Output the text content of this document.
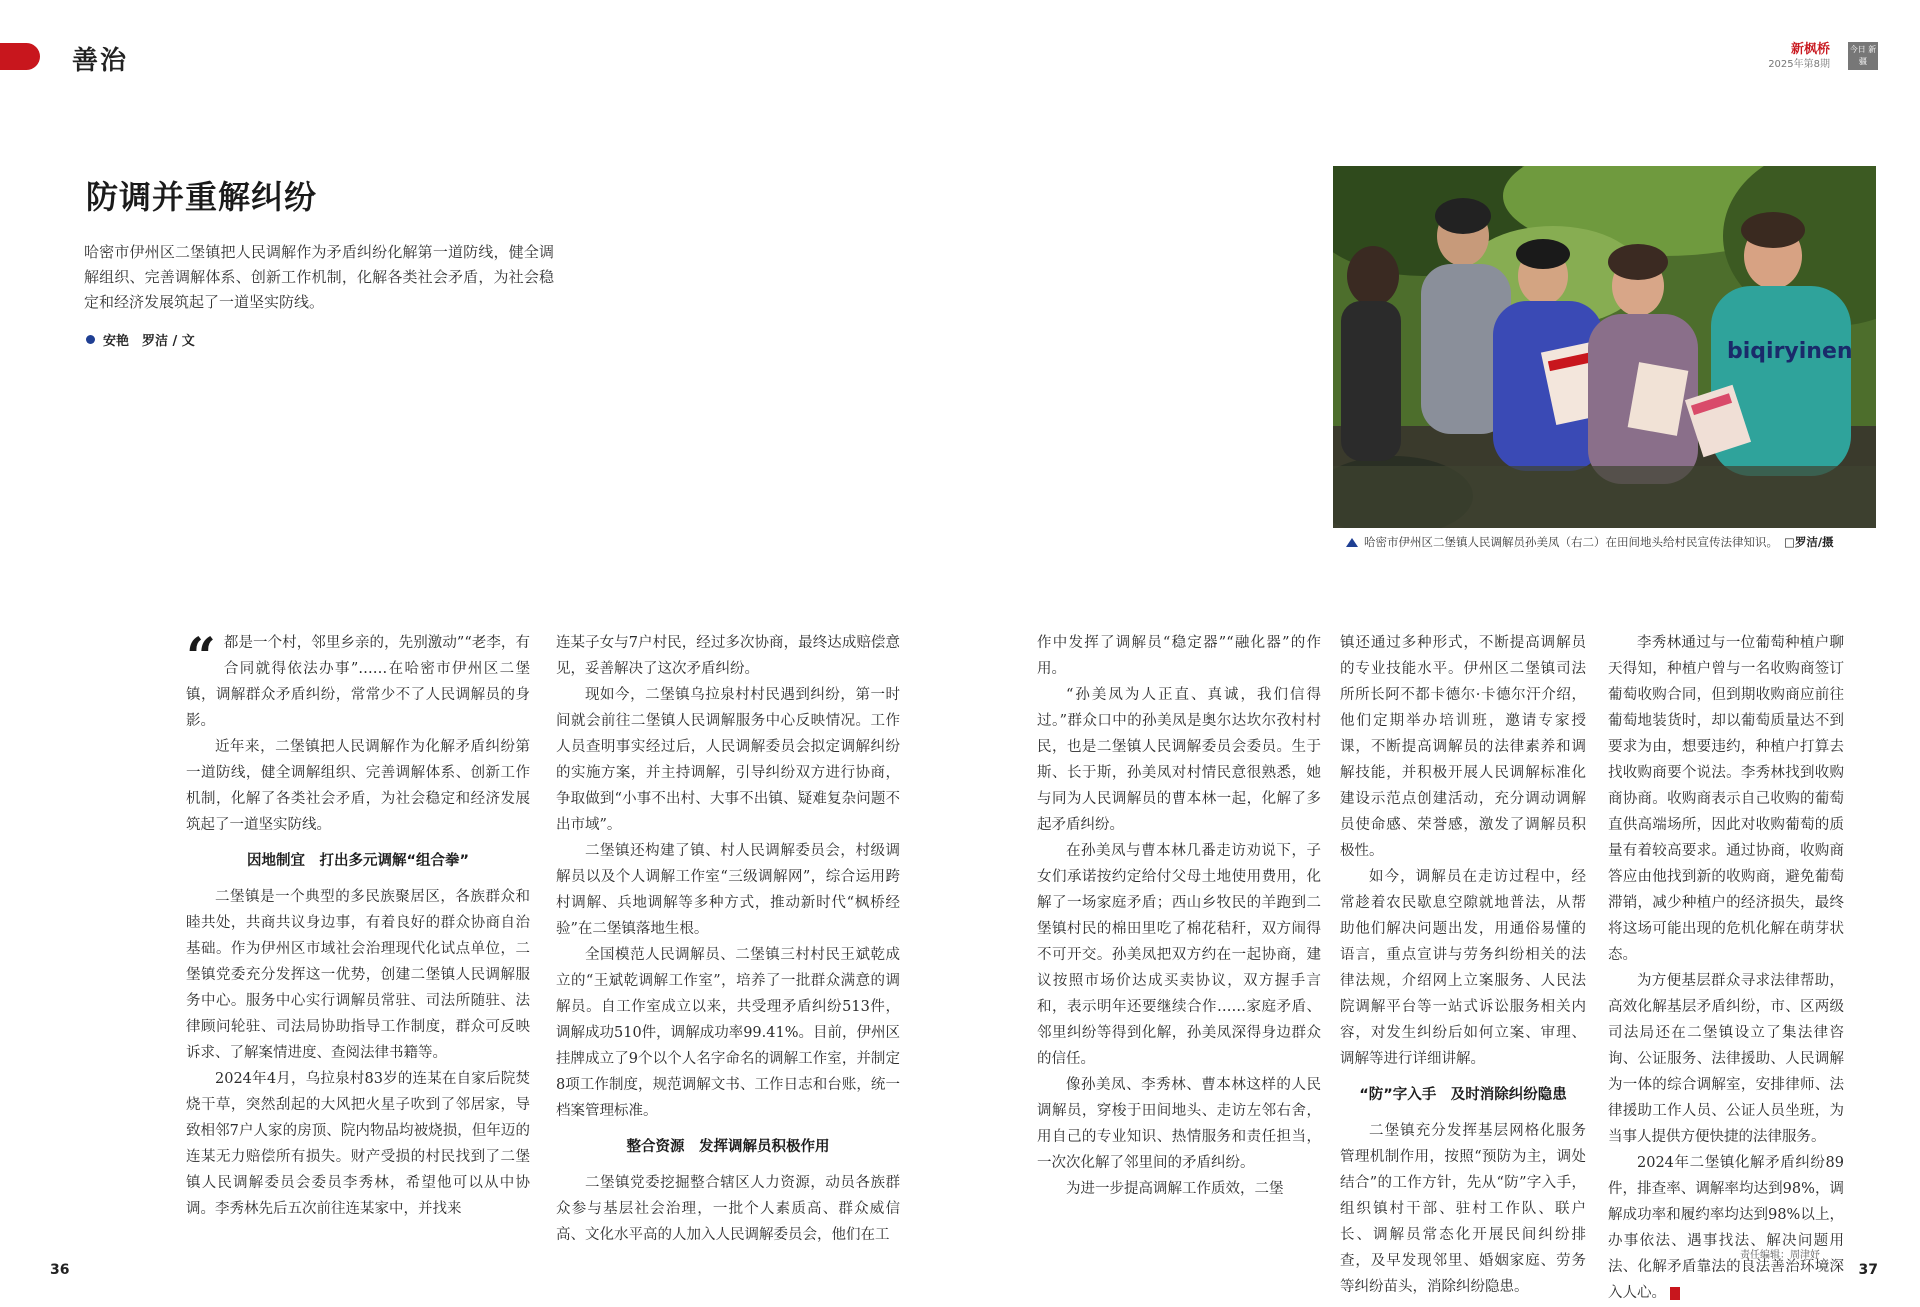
善治
防调并重解纠纷
哈密市伊州区二堡镇把人民调解作为矛盾纠纷化解第一道防线，健全调解组织、完善调解体系、创新工作机制，化解各类社会矛盾，为社会稳定和经济发展筑起了一道坚实防线。
安艳　罗洁 / 文

“ 都是一个村，邻里乡亲的，先别激动”“老李，有合同就得依法办事”……在哈密市伊州区二堡镇，调解群众矛盾纠纷，常常少不了人民调解员的身影。

近年来，二堡镇把人民调解作为化解矛盾纠纷第一道防线，健全调解组织、完善调解体系、创新工作机制，化解了各类社会矛盾，为社会稳定和经济发展筑起了一道坚实防线。

因地制宜　打出多元调解“组合拳”

二堡镇是一个典型的多民族聚居区，各族群众和睦共处，共商共议身边事，有着良好的群众协商自治基础。作为伊州区市域社会治理现代化试点单位，二堡镇党委充分发挥这一优势，创建二堡镇人民调解服务中心。服务中心实行调解员常驻、司法所随驻、法律顾问轮驻、司法局协助指导工作制度，群众可反映诉求、了解案情进度、查阅法律书籍等。

2024年4月，乌拉泉村83岁的连某在自家后院焚烧干草，突然刮起的大风把火星子吹到了邻居家，导致相邻7户人家的房顶、院内物品均被烧损，但年迈的连某无力赔偿所有损失。财产受损的村民找到了二堡镇人民调解委员会委员李秀林，希望他可以从中协调。李秀林先后五次前往连某家中，并找来

连某子女与7户村民，经过多次协商，最终达成赔偿意见，妥善解决了这次矛盾纠纷。

现如今，二堡镇乌拉泉村村民遇到纠纷，第一时间就会前往二堡镇人民调解服务中心反映情况。工作人员查明事实经过后，人民调解委员会拟定调解纠纷的实施方案，并主持调解，引导纠纷双方进行协商，争取做到“小事不出村、大事不出镇、疑难复杂问题不出市域”。

二堡镇还构建了镇、村人民调解委员会，村级调解员以及个人调解工作室“三级调解网”，综合运用跨村调解、兵地调解等多种方式，推动新时代“枫桥经验”在二堡镇落地生根。

全国模范人民调解员、二堡镇三村村民王斌乾成立的“王斌乾调解工作室”，培养了一批群众满意的调解员。自工作室成立以来，共受理矛盾纠纷513件，调解成功510件，调解成功率99.41%。目前，伊州区挂牌成立了9个以个人名字命名的调解工作室，并制定8项工作制度，规范调解文书、工作日志和台账，统一档案管理标准。

整合资源　发挥调解员积极作用

二堡镇党委挖掘整合辖区人力资源，动员各族群众参与基层社会治理，一批个人素质高、群众威信高、文化水平高的人加入人民调解委员会，他们在工

36
新枫桥
2025年第8期
今日 新疆
biqiryinen
哈密市伊州区二堡镇人民调解员孙美凤（右二）在田间地头给村民宣传法律知识。 □罗洁/摄

作中发挥了调解员“稳定器”“融化器”的作用。

“孙美凤为人正直、真诚，我们信得过。”群众口中的孙美凤是奥尔达坎尔孜村村民，也是二堡镇人民调解委员会委员。生于斯、长于斯，孙美凤对村情民意很熟悉，她与同为人民调解员的曹本林一起，化解了多起矛盾纠纷。

在孙美凤与曹本林几番走访劝说下，子女们承诺按约定给付父母土地使用费用，化解了一场家庭矛盾；西山乡牧民的羊跑到二堡镇村民的棉田里吃了棉花秸秆，双方闹得不可开交。孙美凤把双方约在一起协商，建议按照市场价达成买卖协议，双方握手言和，表示明年还要继续合作……家庭矛盾、邻里纠纷等得到化解，孙美凤深得身边群众的信任。

像孙美凤、李秀林、曹本林这样的人民调解员，穿梭于田间地头、走访左邻右舍，用自己的专业知识、热情服务和责任担当，一次次化解了邻里间的矛盾纠纷。

为进一步提高调解工作质效，二堡

镇还通过多种形式，不断提高调解员的专业技能水平。伊州区二堡镇司法所所长阿不都卡德尔·卡德尔汗介绍，他们定期举办培训班，邀请专家授课，不断提高调解员的法律素养和调解技能，并积极开展人民调解标准化建设示范点创建活动，充分调动调解员使命感、荣誉感，激发了调解员积极性。

如今，调解员在走访过程中，经常趁着农民歇息空隙就地普法，从帮助他们解决问题出发，用通俗易懂的语言，重点宣讲与劳务纠纷相关的法律法规，介绍网上立案服务、人民法院调解平台等一站式诉讼服务相关内容，对发生纠纷后如何立案、审理、调解等进行详细讲解。

“防”字入手　及时消除纠纷隐患

二堡镇充分发挥基层网格化服务管理机制作用，按照“预防为主，调处结合”的工作方针，先从“防”字入手，组织镇村干部、驻村工作队、联户长、调解员常态化开展民间纠纷排查，及早发现邻里、婚姻家庭、劳务等纠纷苗头，消除纠纷隐患。

李秀林通过与一位葡萄种植户聊天得知，种植户曾与一名收购商签订葡萄收购合同，但到期收购商应前往葡萄地装货时，却以葡萄质量达不到要求为由，想要违约，种植户打算去找收购商要个说法。李秀林找到收购商协商。收购商表示自己收购的葡萄直供高端场所，因此对收购葡萄的质量有着较高要求。通过协商，收购商答应由他找到新的收购商，避免葡萄滞销，减少种植户的经济损失，最终将这场可能出现的危机化解在萌芽状态。

为方便基层群众寻求法律帮助，高效化解基层矛盾纠纷，市、区两级司法局还在二堡镇设立了集法律咨询、公证服务、法律援助、人民调解为一体的综合调解室，安排律师、法律援助工作人员、公证人员坐班，为当事人提供方便快捷的法律服务。

2024年二堡镇化解矛盾纠纷89件，排查率、调解率均达到98%，调解成功率和履约率均达到98%以上，办事依法、遇事找法、解决问题用法、化解矛盾靠法的良法善治环境深入人心。

责任编辑：周津妤
37
